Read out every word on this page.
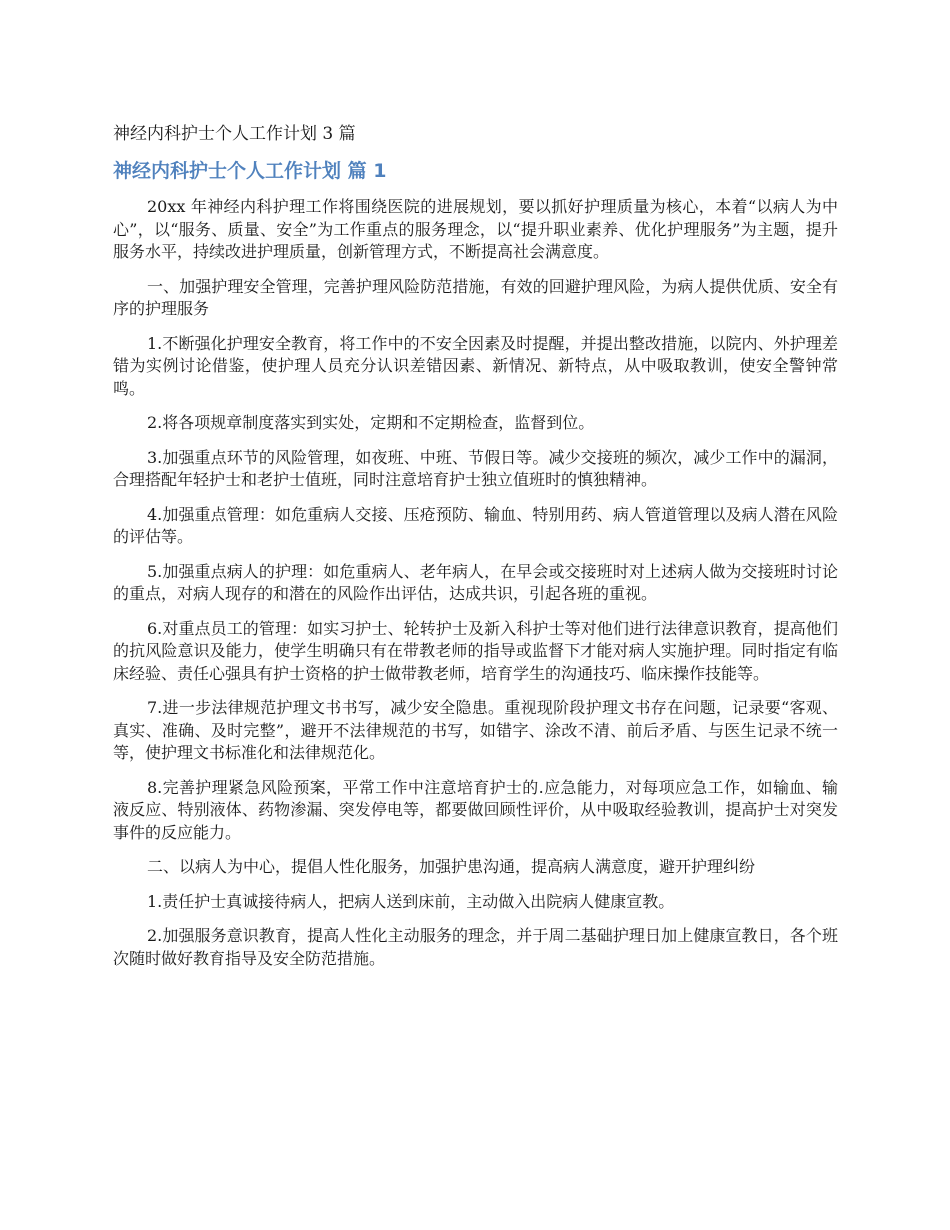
神经内科护士个人工作计划 3 篇
神经内科护士个人工作计划 篇 1

20xx 年神经内科护理工作将围绕医院的进展规划，要以抓好护理质量为核心，本着“以病人为中心”，以“服务、质量、安全”为工作重点的服务理念，以“提升职业素养、优化护理服务”为主题，提升服务水平，持续改进护理质量，创新管理方式，不断提高社会满意度。

一、加强护理安全管理，完善护理风险防范措施，有效的回避护理风险，为病人提供优质、安全有序的护理服务

1.不断强化护理安全教育，将工作中的不安全因素及时提醒，并提出整改措施，以院内、外护理差错为实例讨论借鉴，使护理人员充分认识差错因素、新情况、新特点，从中吸取教训，使安全警钟常鸣。

2.将各项规章制度落实到实处，定期和不定期检查，监督到位。

3.加强重点环节的风险管理，如夜班、中班、节假日等。减少交接班的频次，减少工作中的漏洞，合理搭配年轻护士和老护士值班，同时注意培育护士独立值班时的慎独精神。

4.加强重点管理：如危重病人交接、压疮预防、输血、特别用药、病人管道管理以及病人潜在风险的评估等。

5.加强重点病人的护理：如危重病人、老年病人，在早会或交接班时对上述病人做为交接班时讨论的重点，对病人现存的和潜在的风险作出评估，达成共识，引起各班的重视。

6.对重点员工的管理：如实习护士、轮转护士及新入科护士等对他们进行法律意识教育，提高他们的抗风险意识及能力，使学生明确只有在带教老师的指导或监督下才能对病人实施护理。同时指定有临床经验、责任心强具有护士资格的护士做带教老师，培育学生的沟通技巧、临床操作技能等。

7.进一步法律规范护理文书书写，减少安全隐患。重视现阶段护理文书存在问题，记录要“客观、真实、准确、及时完整”，避开不法律规范的书写，如错字、涂改不清、前后矛盾、与医生记录不统一等，使护理文书标准化和法律规范化。

8.完善护理紧急风险预案，平常工作中注意培育护士的.应急能力，对每项应急工作，如输血、输液反应、特别液体、药物渗漏、突发停电等，都要做回顾性评价，从中吸取经验教训，提高护士对突发事件的反应能力。

二、以病人为中心，提倡人性化服务，加强护患沟通，提高病人满意度，避开护理纠纷

1.责任护士真诚接待病人，把病人送到床前，主动做入出院病人健康宣教。

2.加强服务意识教育，提高人性化主动服务的理念，并于周二基础护理日加上健康宣教日，各个班次随时做好教育指导及安全防范措施。
